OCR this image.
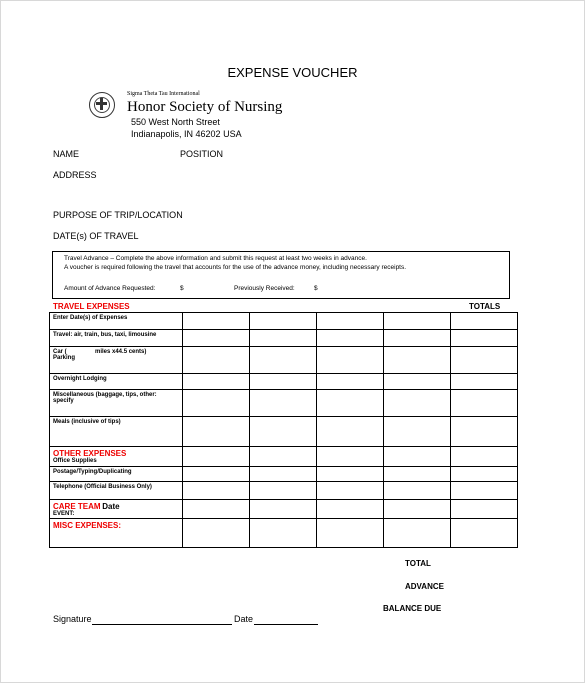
EXPENSE VOUCHER
Sigma Theta Tau International
Honor Society of Nursing
550 West North Street
Indianapolis, IN 46202 USA
NAME	POSITION
ADDRESS
PURPOSE OF TRIP/LOCATION
DATE(s) OF TRAVEL
Travel Advance – Complete the above information and submit this request at least two weeks in advance.
A voucher is required following the travel that accounts for the use of the advance money, including necessary receipts.
Amount of Advance Requested:	$	Previously Received:	$
TRAVEL EXPENSES	TOTALS
Enter Date(s) of Expenses					
Travel: air, train, bus, taxi, limousine					

Car ( miles x44.5 cents)
Parking					

Overnight Lodging					

Miscellaneous (baggage, tips, other:
specify					

Meals (inclusive of tips)					

OTHER EXPENSES
Office Supplies					

Postage/Typing/Duplicating					
Telephone (Official Business Only)					

CARE TEAM Date
EVENT:					

MISC EXPENSES:					
TOTAL
ADVANCE
BALANCE DUE
Signature	Date
